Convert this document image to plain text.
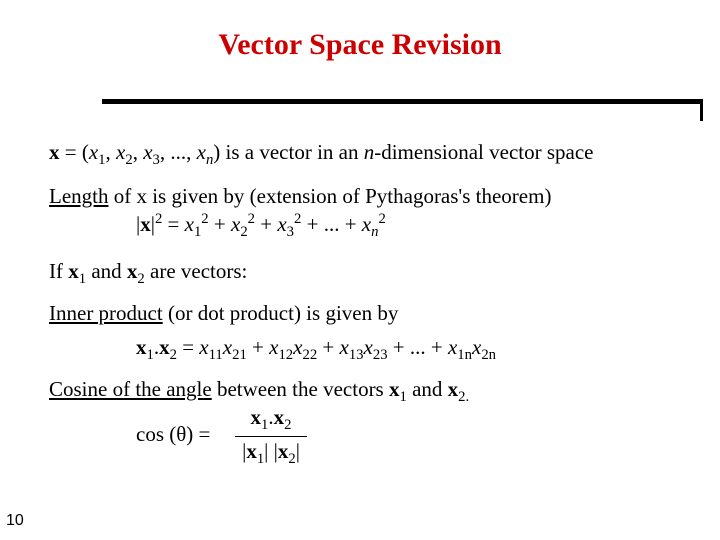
Vector Space Revision
$x = (x_1$, $x_2$, $x_3$, ..., $x_n$) is a vector in an n-dimensional vector space
Length of x is given by (extension of Pythagoras's theorem)
$|x|^2 = x_1^2 + x_2^2 + x_3^2$ + ... + $x_n^2$
If $x_1$ and $x_2$ are vectors:
Inner product (or dot product) is given by
$x_1.x_2 = x_{11}x_{21} + x_{12}x_{22} + x_{13}x_{23}$ + ... + $x_{1n}x_{2n}$
Cosine of the angle between the vectors $x_1$ and $x_{2.}$
cos (θ) =
$x_1.x_2$
$|x_1|$ $|x_2|$
10
